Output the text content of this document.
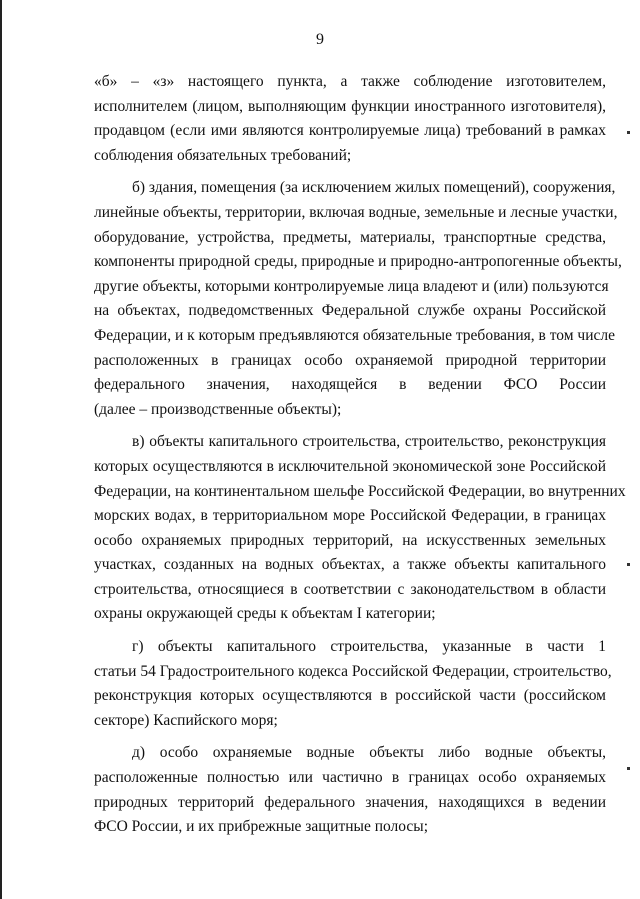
9
«б» – «з» настоящего пункта, а также соблюдение изготовителем,
исполнителем (лицом, выполняющим функции иностранного изготовителя),
продавцом (если ими являются контролируемые лица) требований в рамках
соблюдения обязательных требований;
б) здания, помещения (за исключением жилых помещений), сооружения,
линейные объекты, территории, включая водные, земельные и лесные участки,
оборудование, устройства, предметы, материалы, транспортные средства,
компоненты природной среды, природные и природно-антропогенные объекты,
другие объекты, которыми контролируемые лица владеют и (или) пользуются
на объектах, подведомственных Федеральной службе охраны Российской
Федерации, и к которым предъявляются обязательные требования, в том числе
расположенных в границах особо охраняемой природной территории
федерального значения, находящейся в ведении ФСО России
(далее – производственные объекты);
в) объекты капитального строительства, строительство, реконструкция
которых осуществляются в исключительной экономической зоне Российской
Федерации, на континентальном шельфе Российской Федерации, во внутренних
морских водах, в территориальном море Российской Федерации, в границах
особо охраняемых природных территорий, на искусственных земельных
участках, созданных на водных объектах, а также объекты капитального
строительства, относящиеся в соответствии с законодательством в области
охраны окружающей среды к объектам I категории;
г) объекты капитального строительства, указанные в части 1
статьи 54 Градостроительного кодекса Российской Федерации, строительство,
реконструкция которых осуществляются в российской части (российском
секторе) Каспийского моря;
д) особо охраняемые водные объекты либо водные объекты,
расположенные полностью или частично в границах особо охраняемых
природных территорий федерального значения, находящихся в ведении
ФСО России, и их прибрежные защитные полосы;
